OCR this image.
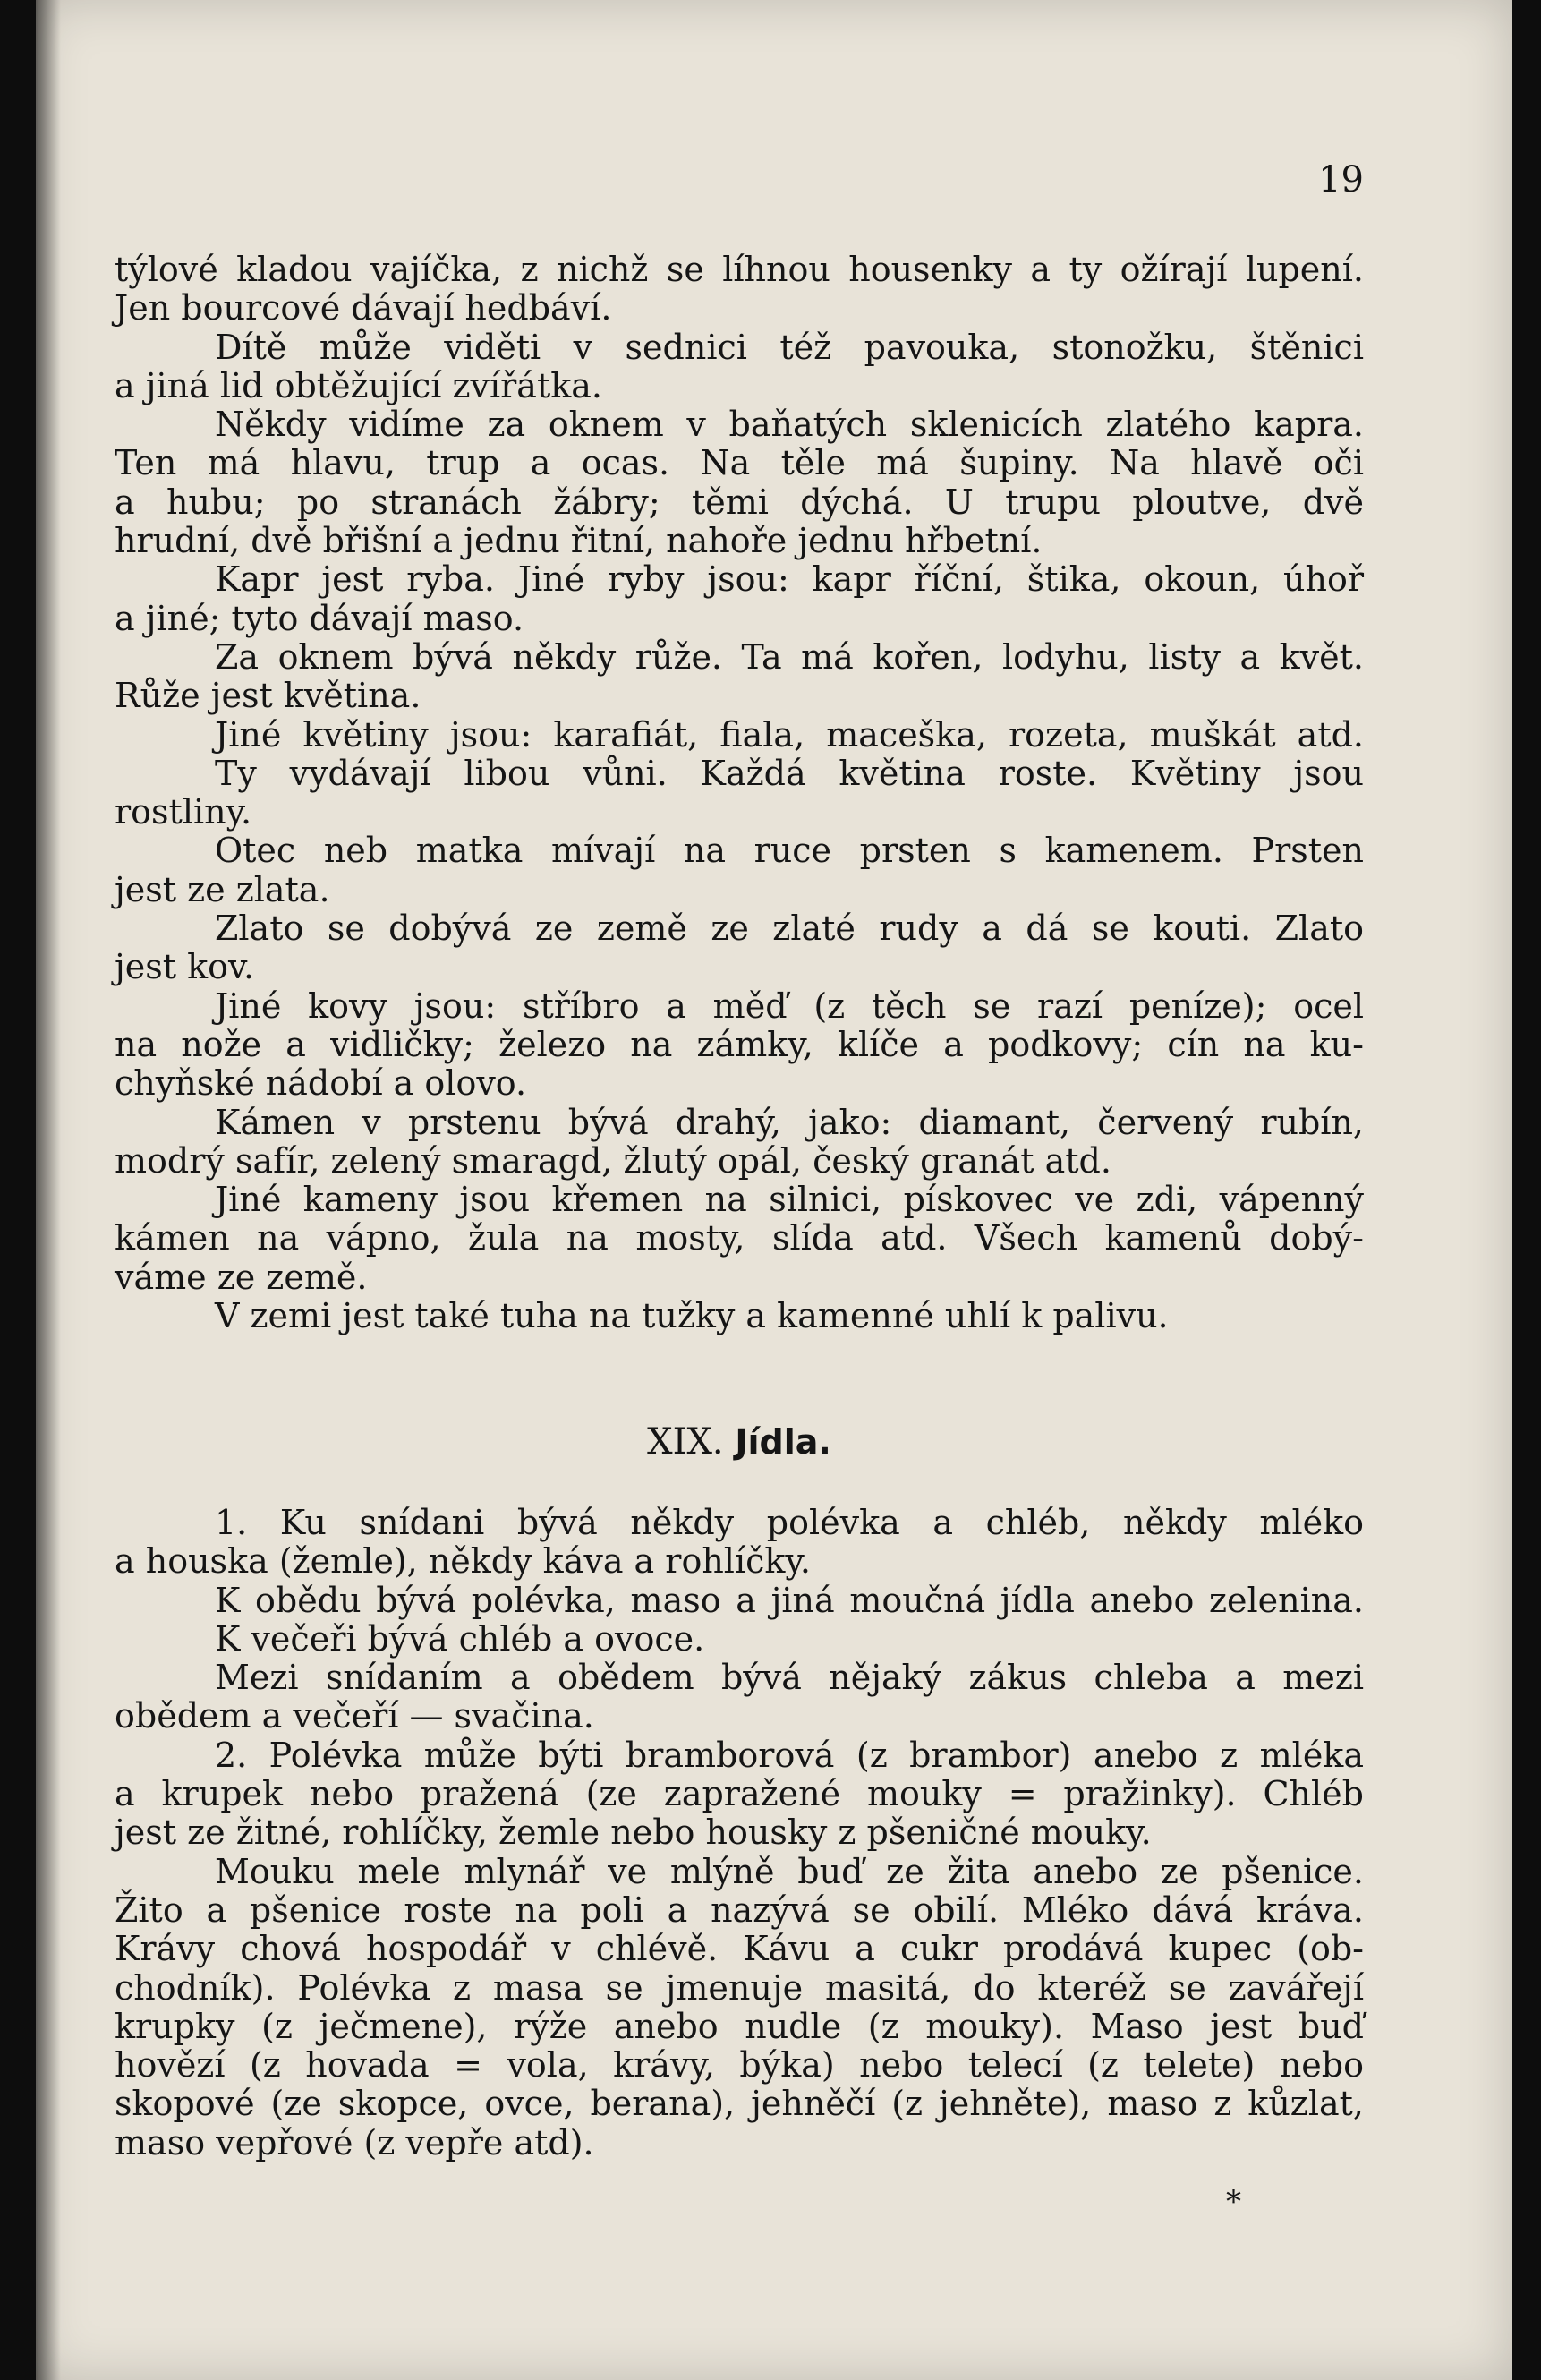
19
týlové kladou vajíčka, z nichž se líhnou housenky a ty ožírají lupení.
Jen bourcové dávají hedbáví.
Dítě může viděti v sednici též pavouka, stonožku, štěnici
a jiná lid obtěžující zvířátka.
Někdy vidíme za oknem v baňatých sklenicích zlatého kapra.
Ten má hlavu, trup a ocas. Na těle má šupiny. Na hlavě oči
a hubu; po stranách žábry; těmi dýchá. U trupu ploutve, dvě
hrudní, dvě břišní a jednu řitní, nahoře jednu hřbetní.
Kapr jest ryba. Jiné ryby jsou: kapr říční, štika, okoun, úhoř
a jiné; tyto dávají maso.
Za oknem bývá někdy růže. Ta má kořen, lodyhu, listy a květ.
Růže jest květina.
Jiné květiny jsou: karafiát, fiala, maceška, rozeta, muškát atd.
Ty vydávají libou vůni. Každá květina roste. Květiny jsou
rostliny.
Otec neb matka mívají na ruce prsten s kamenem. Prsten
jest ze zlata.
Zlato se dobývá ze země ze zlaté rudy a dá se kouti. Zlato
jest kov.
Jiné kovy jsou: stříbro a měď (z těch se razí peníze); ocel
na nože a vidličky; železo na zámky, klíče a podkovy; cín na ku-
chyňské nádobí a olovo.
Kámen v prstenu bývá drahý, jako: diamant, červený rubín,
modrý safír, zelený smaragd, žlutý opál, český granát atd.
Jiné kameny jsou křemen na silnici, pískovec ve zdi, vápenný
kámen na vápno, žula na mosty, slída atd. Všech kamenů dobý-
váme ze země.
V zemi jest také tuha na tužky a kamenné uhlí k palivu.
XIX. Jídla.
1. Ku snídani bývá někdy polévka a chléb, někdy mléko
a houska (žemle), někdy káva a rohlíčky.
K obědu bývá polévka, maso a jiná moučná jídla anebo zelenina.
K večeři bývá chléb a ovoce.
Mezi snídaním a obědem bývá nějaký zákus chleba a mezi
obědem a večeří — svačina.
2. Polévka může býti bramborová (z brambor) anebo z mléka
a krupek nebo pražená (ze zapražené mouky = pražinky). Chléb
jest ze žitné, rohlíčky, žemle nebo housky z pšeničné mouky.
Mouku mele mlynář ve mlýně buď ze žita anebo ze pšenice.
Žito a pšenice roste na poli a nazývá se obilí. Mléko dává kráva.
Krávy chová hospodář v chlévě. Kávu a cukr prodává kupec (ob-
chodník). Polévka z masa se jmenuje masitá, do kteréž se zavářejí
krupky (z ječmene), rýže anebo nudle (z mouky). Maso jest buď
hovězí (z hovada = vola, krávy, býka) nebo telecí (z telete) nebo
skopové (ze skopce, ovce, berana), jehněčí (z jehněte), maso z kůzlat,
maso vepřové (z vepře atd).
*
